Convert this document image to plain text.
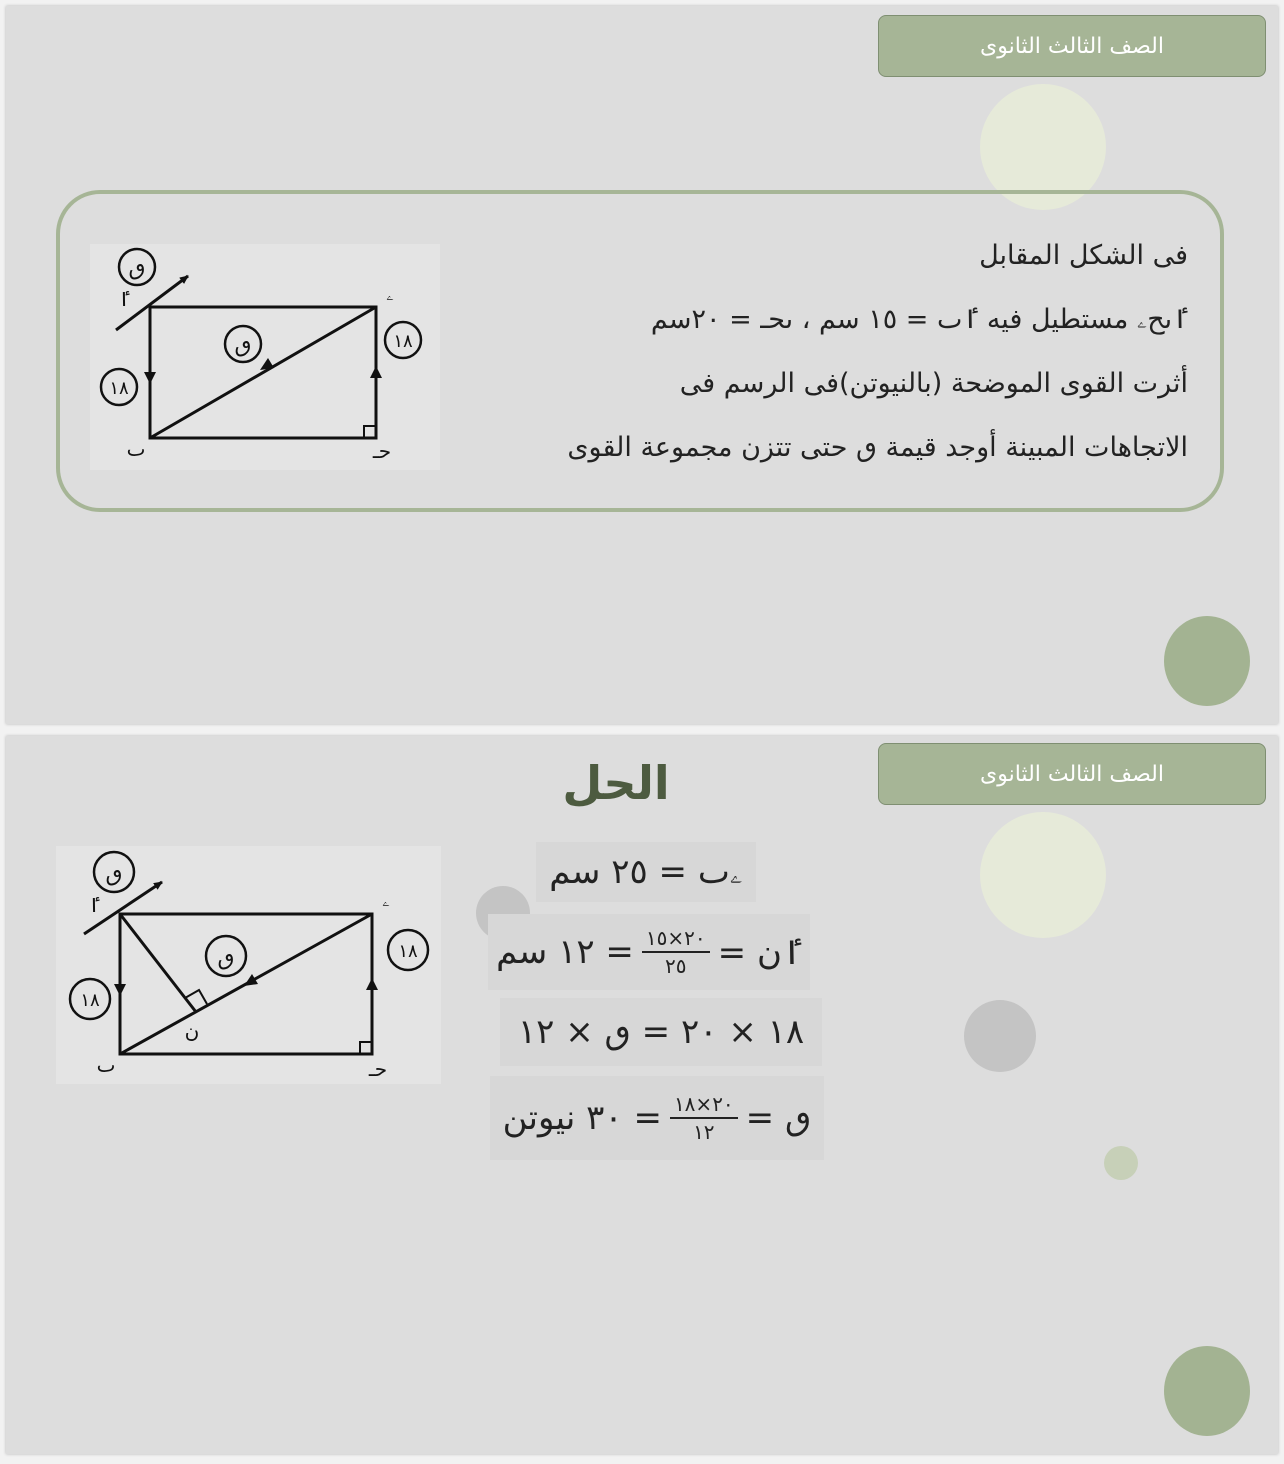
الصف الثالث الثانوى
فى الشكل المقابل
ٵٮحۦ مستطيل فيه ٵٮ = ١٥ سم ، ٮحـ = ٢٠سم
أثرت القوى الموضحة (بالنيوتن)فى الرسم فى
الاتجاهات المبينة أوجد قيمة ٯ حتى تتزن مجموعة القوى
ٯ
ٯ	١٨
١٨
ٵ	ۦ
ٮ	حـ
الصف الثالث الثانوى
الحل
ٯ
ٯ	١٨
١٨
ٵ	ۦ
ٮ	حـ
ن
ۦٮ = ٢٥ سم
ٵن =
$\frac{٢٠\times ١٥}{٢٥}$
= ١٢ سم
١٨ × ٢٠ = ٯ × ١٢
ٯ =
$\frac{٢٠\times ١٨}{١٢}$
= ٣٠ نيوتن
